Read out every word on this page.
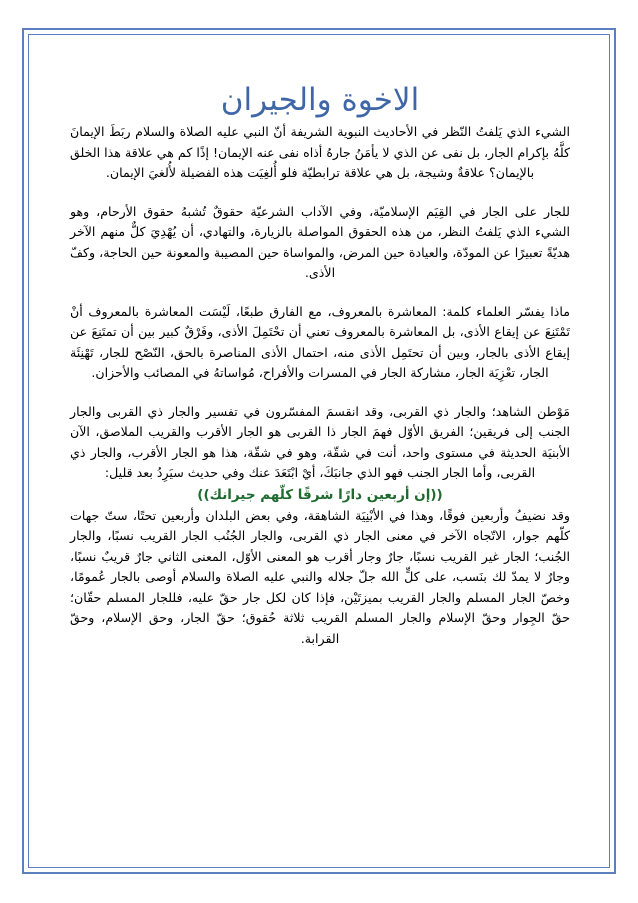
الاخوة والجيران

الشيء الذي يَلفتُ النّظر في الأحاديث النبوية الشريفة أنّ النبي عليه الصلاة والسلام ربَطَ الإيمانَ كلَّهُ بإكرام الجار، بل نفى عن الذي لا يأمَنُ جارهُ أذاه نفى عنه الإيمان! إذًا كم هي علاقة هذا الخلق بالإيمان؟ علاقةٌ وشيجة، بل هي علاقة ترابطيّة فلو أُلغِيَت هذه الفضيلة لأُلغيَ الإيمان.

للجار على الجار في القِيَم الإسلاميّة، وفي الآداب الشرعيّة حقوقٌ تُشبهُ حقوق الأرحام، وهو الشيء الذي يَلفتُ النظر، من هذه الحقوق المواصلة بالزيارة، والتهادي، أن يُهْدِيَ كلٌّ منهم الآخر هديّةً تعبيرًا عن المودّة، والعيادة حين المرض، والمواساة حين المصيبة والمعونة حين الحاجة، وكفّ الأذى.

ماذا يفسّر العلماء كلمة: المعاشرة بالمعروف، مع الفارق طبعًا، لَيْسَت المعاشرة بالمعروف أنْ تَمْتَنِعَ عن إيقاع الأذى، بل المعاشرة بالمعروف تعني أن تحْتَمِلَ الأذى، وفَرْقٌ كبير بين أن تمتَنِعَ عن إيقاع الأذى بالجار، وبين أن تحتَمِل الأذى منه، احتمال الأذى المناصرة بالحق، النّصْح للجار، تَهْنِئَة الجار، تعْزِيَة الجار، مشاركة الجار في المسرات والأفراح، مُواساتهُ في المصائب والأحزان.

مَوْطن الشاهد؛ والجار ذي القربى، وقد انقسمَ المفسّرون في تفسير والجار ذي القربى والجار الجنب إلى فريقين؛ الفريق الأوّل فهمَ الجار ذا القربى هو الجار الأقرب والقريب الملاصق، الآن الأبنيَة الحديثة في مستوى واحد، أنت في شقّة، وهو في شقّة، هذا هو الجار الأقرب، والجار ذي القربى، وأما الجار الجنب فهو الذي جانبَكَ، أيْ ابْتَعَدَ عنك وفي حديث سيَرِدُ بعد قليل:

((إن أربعين دارًا شرقًا كلّهم جيرانك))

وقد نضيفُ وأربعين فوقًا، وهذا في الأبْنِيَة الشاهقة، وفي بعض البلدان وأربعين تحتًا، ستّ جهات كلّهم جوار، الاتّجاه الآخر في معنى الجار ذي القربى، والجار الجُنُب الجار القريب نسبًا، والجار الجُنب؛ الجار غير القريب نسبًا، جارٌ وجار أقرب هو المعنى الأوّل، المعنى الثاني جارٌ قريبٌ نسبًا، وجارٌ لا يمدّ لك بنَسب، على كلٍّ الله جلّ جلاله والنبي عليه الصلاة والسلام أوصى بالجار عُمومًا، وخصّ الجار المسلم والجار القريب بميزتَيْن، فإذا كان لكل جار حقّ عليه، فللجار المسلم حقّان؛ حقّ الجِوار وحقّ الإسلام والجار المسلم القريب ثلاثة حُقوق؛ حقّ الجار، وحق الإسلام، وحقّ القرابة.
